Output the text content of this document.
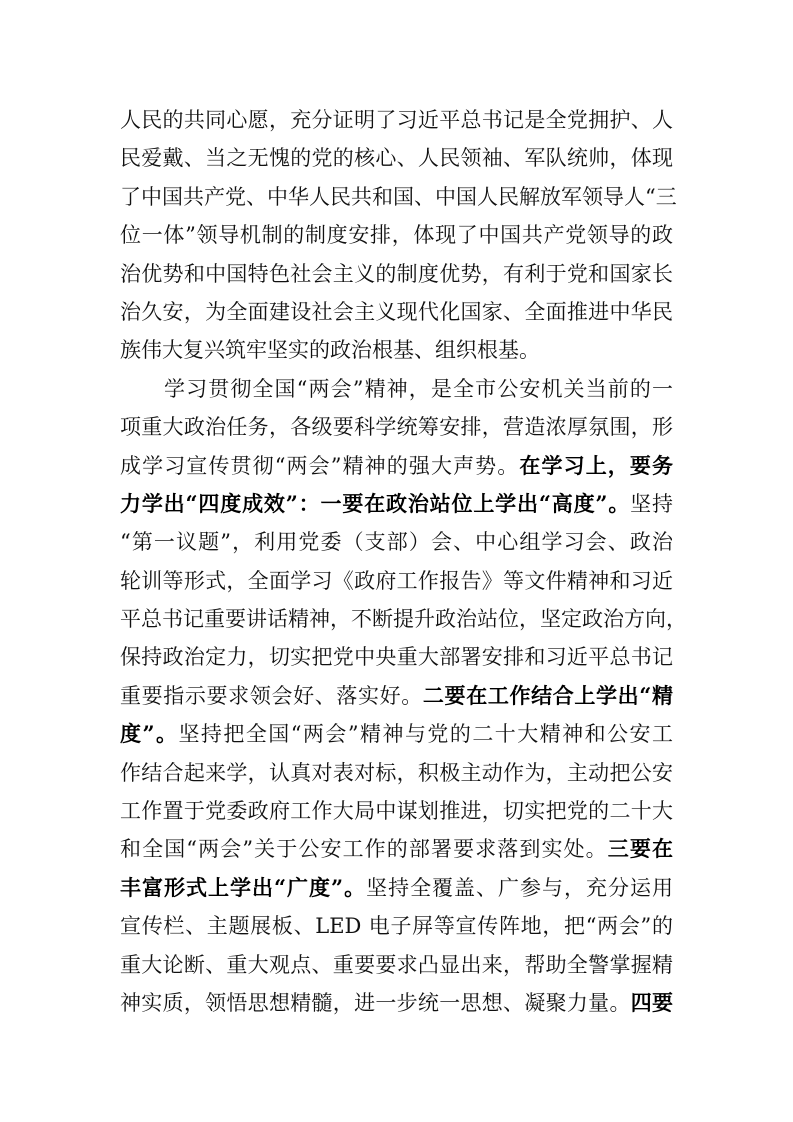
人民的共同心愿，充分证明了习近平总书记是全党拥护、人
民爱戴、当之无愧的党的核心、人民领袖、军队统帅，体现
了中国共产党、中华人民共和国、中国人民解放军领导人“三
位一体”领导机制的制度安排，体现了中国共产党领导的政
治优势和中国特色社会主义的制度优势，有利于党和国家长
治久安，为全面建设社会主义现代化国家、全面推进中华民
族伟大复兴筑牢坚实的政治根基、组织根基。
学习贯彻全国“两会”精神，是全市公安机关当前的一
项重大政治任务，各级要科学统筹安排，营造浓厚氛围，形
成学习宣传贯彻“两会”精神的强大声势。在学习上，要务
力学出“四度成效”：一要在政治站位上学出“高度”。坚持
“第一议题”，利用党委（支部）会、中心组学习会、政治
轮训等形式，全面学习《政府工作报告》等文件精神和习近
平总书记重要讲话精神，不断提升政治站位，坚定政治方向，
保持政治定力，切实把党中央重大部署安排和习近平总书记
重要指示要求领会好、落实好。二要在工作结合上学出“精
度”。坚持把全国“两会”精神与党的二十大精神和公安工
作结合起来学，认真对表对标，积极主动作为，主动把公安
工作置于党委政府工作大局中谋划推进，切实把党的二十大
和全国“两会”关于公安工作的部署要求落到实处。三要在
丰富形式上学出“广度”。坚持全覆盖、广参与，充分运用
宣传栏、主题展板、LED 电子屏等宣传阵地，把“两会”的
重大论断、重大观点、重要要求凸显出来，帮助全警掌握精
神实质，领悟思想精髓，进一步统一思想、凝聚力量。四要
